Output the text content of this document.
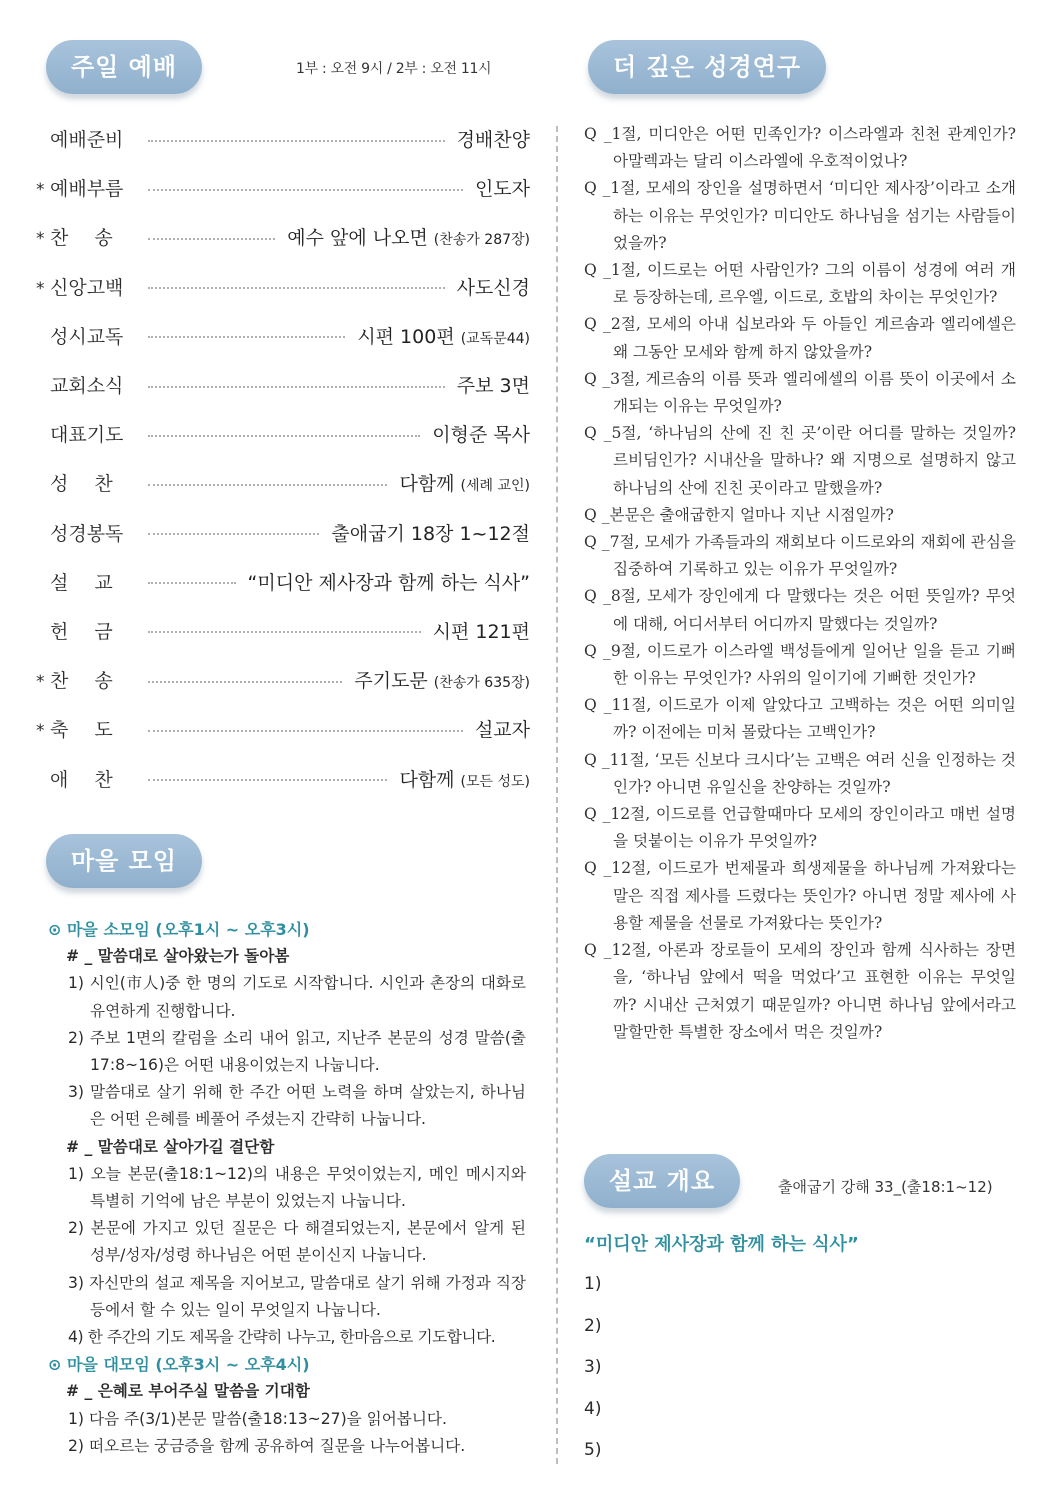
주일 예배	1부 : 오전 9시 / 2부 : 오전 11시
예배준비	경배찬양
* 예배부름	인도자
* 찬송	예수 앞에 나오면 (찬송가 287장)
* 신앙고백	사도신경
성시교독	시편 100편 (교독문44)
교회소식	주보 3면
대표기도	이형준 목사
성찬	다함께 (세례 교인)
성경봉독	출애굽기 18장 1~12절
설교	“미디안 제사장과 함께 하는 식사”
헌금	시편 121편
* 찬송	주기도문 (찬송가 635장)
* 축도	설교자
애찬	다함께 (모든 성도)
마을 모임
⊙ 마을 소모임 (오후1시 ~ 오후3시)
# _ 말씀대로 살아왔는가 돌아봄
1) 시인(市人)중 한 명의 기도로 시작합니다. 시인과 촌장의 대화로 유연하게 진행합니다.
2) 주보 1면의 칼럼을 소리 내어 읽고, 지난주 본문의 성경 말씀(출17:8~16)은 어떤 내용이었는지 나눕니다.
3) 말씀대로 살기 위해 한 주간 어떤 노력을 하며 살았는지, 하나님은 어떤 은혜를 베풀어 주셨는지 간략히 나눕니다.
# _ 말씀대로 살아가길 결단함
1) 오늘 본문(출18:1~12)의 내용은 무엇이었는지, 메인 메시지와 특별히 기억에 남은 부분이 있었는지 나눕니다.
2) 본문에 가지고 있던 질문은 다 해결되었는지, 본문에서 알게 된 성부/성자/성령 하나님은 어떤 분이신지 나눕니다.
3) 자신만의 설교 제목을 지어보고, 말씀대로 살기 위해 가정과 직장 등에서 할 수 있는 일이 무엇일지 나눕니다.
4) 한 주간의 기도 제목을 간략히 나누고, 한마음으로 기도합니다.
⊙ 마을 대모임 (오후3시 ~ 오후4시)
# _ 은혜로 부어주실 말씀을 기대함
1) 다음 주(3/1)본문 말씀(출18:13~27)을 읽어봅니다.
2) 떠오르는 궁금증을 함께 공유하여 질문을 나누어봅니다.
더 깊은 성경연구
Q _1절, 미디안은 어떤 민족인가? 이스라엘과 친천 관계인가? 아말렉과는 달리 이스라엘에 우호적이었나?
Q _1절, 모세의 장인을 설명하면서 ‘미디안 제사장’이라고 소개하는 이유는 무엇인가? 미디안도 하나님을 섬기는 사람들이었을까?
Q _1절, 이드로는 어떤 사람인가? 그의 이름이 성경에 여러 개로 등장하는데, 르우엘, 이드로, 호밥의 차이는 무엇인가?
Q _2절, 모세의 아내 십보라와 두 아들인 게르솜과 엘리에셀은 왜 그동안 모세와 함께 하지 않았을까?
Q _3절, 게르솜의 이름 뜻과 엘리에셀의 이름 뜻이 이곳에서 소개되는 이유는 무엇일까?
Q _5절, ‘하나님의 산에 진 친 곳’이란 어디를 말하는 것일까? 르비딤인가? 시내산을 말하나? 왜 지명으로 설명하지 않고 하나님의 산에 진친 곳이라고 말했을까?
Q _본문은 출애굽한지 얼마나 지난 시점일까?
Q _7절, 모세가 가족들과의 재회보다 이드로와의 재회에 관심을 집중하여 기록하고 있는 이유가 무엇일까?
Q _8절, 모세가 장인에게 다 말했다는 것은 어떤 뜻일까? 무엇에 대해, 어디서부터 어디까지 말했다는 것일까?
Q _9절, 이드로가 이스라엘 백성들에게 일어난 일을 듣고 기뻐한 이유는 무엇인가? 사위의 일이기에 기뻐한 것인가?
Q _11절, 이드로가 이제 알았다고 고백하는 것은 어떤 의미일까? 이전에는 미처 몰랐다는 고백인가?
Q _11절, ‘모든 신보다 크시다’는 고백은 여러 신을 인정하는 것인가? 아니면 유일신을 찬양하는 것일까?
Q _12절, 이드로를 언급할때마다 모세의 장인이라고 매번 설명을 덧붙이는 이유가 무엇일까?
Q _12절, 이드로가 번제물과 희생제물을 하나님께 가져왔다는 말은 직접 제사를 드렸다는 뜻인가? 아니면 정말 제사에 사용할 제물을 선물로 가져왔다는 뜻인가?
Q _12절, 아론과 장로들이 모세의 장인과 함께 식사하는 장면을, ‘하나님 앞에서 떡을 먹었다’고 표현한 이유는 무엇일까? 시내산 근처였기 때문일까? 아니면 하나님 앞에서라고 말할만한 특별한 장소에서 먹은 것일까?
설교 개요	출애굽기 강해 33_(출18:1~12)
“미디안 제사장과 함께 하는 식사”
1)
2)
3)
4)
5)
